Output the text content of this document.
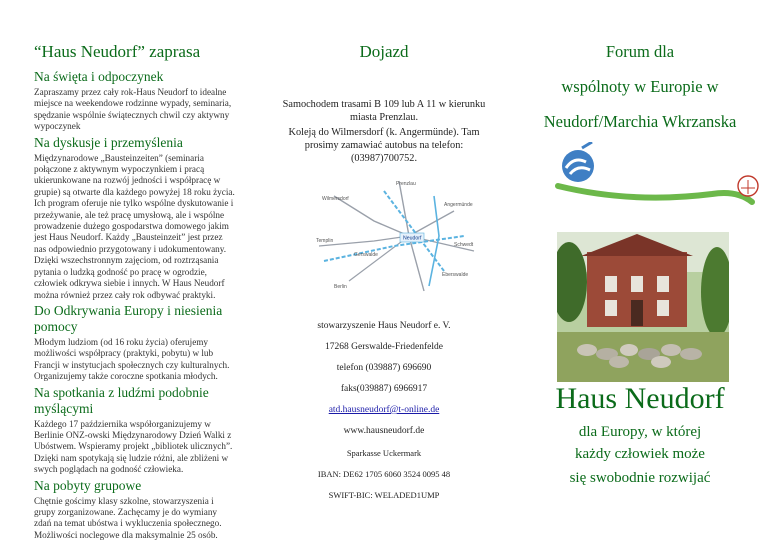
“Haus Neudorf” zaprasa
Na święta i odpoczynek
Zapraszamy przez cały rok-Haus Neudorf to idealne miejsce na weekendowe rodzinne wypady, seminaria, spędzanie wspólnie świątecznych chwil czy aktywny wypoczynek
Na dyskusje i przemyślenia
Międzynarodowe „Bausteinzeiten” (seminaria połączone z aktywnym wypoczynkiem i pracą ukierunkowane na rozwój jedności i współpracę w grupie) są otwarte dla każdego powyżej 18 roku życia. Ich program oferuje nie tylko wspólne dyskutowanie i przeżywanie, ale też pracę umysłową, ale i wspólne prowadzenie dużego gospodarstwa domowego jakim jest Haus Neudorf. Każdy „Bausteinzeit” jest przez nas odpowiednio przygotowany i udokumentowany. Dzięki wszechstronnym zajęciom, od roztrząsania pytania o ludzką godność po pracę w ogrodzie, człowiek odkrywa siebie i innych. W Haus Neudorf można również przez cały rok odbywać praktyki.
Do Odkrywania Europy i niesienia pomocy
Młodym ludziom (od 16 roku życia) oferujemy możliwości współpracy (praktyki, pobytu) w lub Francji w instytucjach społecznych czy kulturalnych. Organizujemy także coroczne spotkania młodych.
Na spotkania z ludźmi podobnie myślącymi
Każdego 17 października współorganizujemy w Berlinie ONZ-owski Międzynarodowy Dzień Walki z Ubóstwem. Wspieramy projekt „bibliotek ulicznych”. Dzięki nam spotykają się ludzie różni, ale zbliżeni w swych poglądach na godność człowieka.
Na pobyty grupowe
Chętnie gościmy klasy szkolne, stowarzyszenia i grupy zorganizowane. Zachęcamy je do wymiany zdań na temat ubóstwa i wykluczenia społecznego. Możliwości noclegowe dla maksymalnie 25 osób.
Dojazd
Samochodem trasami B 109 lub A 11 w kierunku miasta Prenzlau.
Koleją do Wilmersdorf (k. Angermünde). Tam prosimy zamawiać autobus na telefon: (03987)700752.
Prenzlau
Wilmersdorf
Neudorf
Angermünde
Templin
Eberswalde
Schwedt
Gerswalde
Berlin
stowarzyszenie Haus Neudorf e. V.
17268 Gerswalde-Friedenfelde
telefon (039887) 696690
faks(039887) 6966917
atd.hausneudorf@t-online.de
www.hausneudorf.de
Sparkasse Uckermark
IBAN: DE62 1705 6060 3524 0095 48
SWIFT-BIC: WELADED1UMP
Forum dla
wspólnoty w Europie w
Neudorf/Marchia Wkrzanska
Haus Neudorf
dla Europy, w której
każdy człowiek może
się swobodnie rozwijać
